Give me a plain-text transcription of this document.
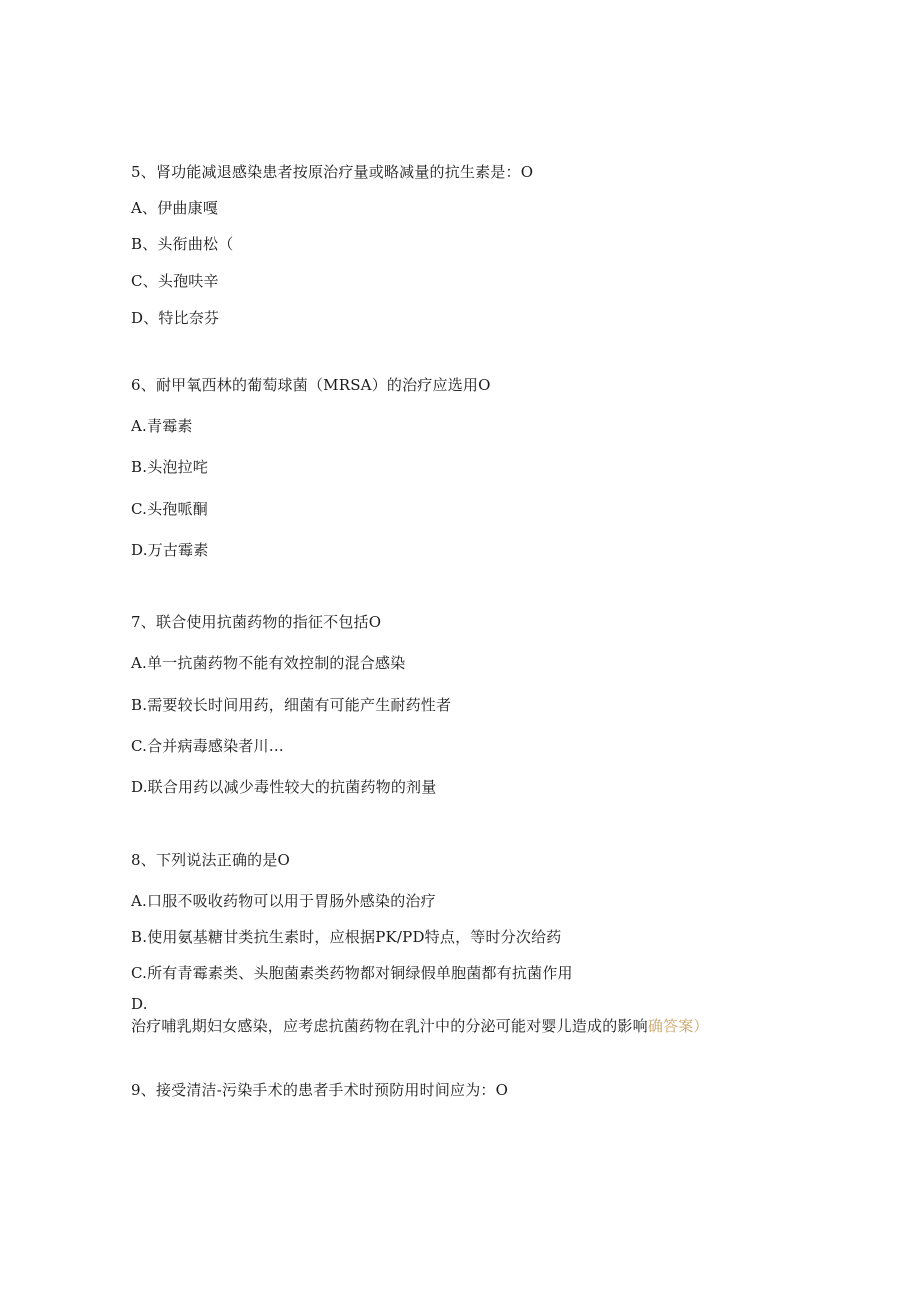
5、肾功能减退感染患者按原治疗量或略减量的抗生素是：O
A、伊曲康嘎
B、头衔曲松（
C、头孢呋辛
D、特比奈芬
6、耐甲氧西林的葡萄球菌（MRSA）的治疗应选用O
A.青霉素
B.头泡拉咤
C.头孢哌酮
D.万古霉素
7、联合使用抗菌药物的指征不包括O
A.单一抗菌药物不能有效控制的混合感染
B.需要较长时间用药，细菌有可能产生耐药性者
C.合并病毒感染者川…
D.联合用药以减少毒性较大的抗菌药物的剂量
8、下列说法正确的是O
A.口服不吸收药物可以用于胃肠外感染的治疗
B.使用氨基糖甘类抗生素时，应根据PK/PD特点，等时分次给药
C.所有青霉素类、头胞菌素类药物都对铜绿假单胞菌都有抗菌作用
D.
治疗哺乳期妇女感染，应考虑抗菌药物在乳汁中的分泌可能对婴儿造成的影响确答案）
9、接受清洁-污染手术的患者手术时预防用时间应为：O
